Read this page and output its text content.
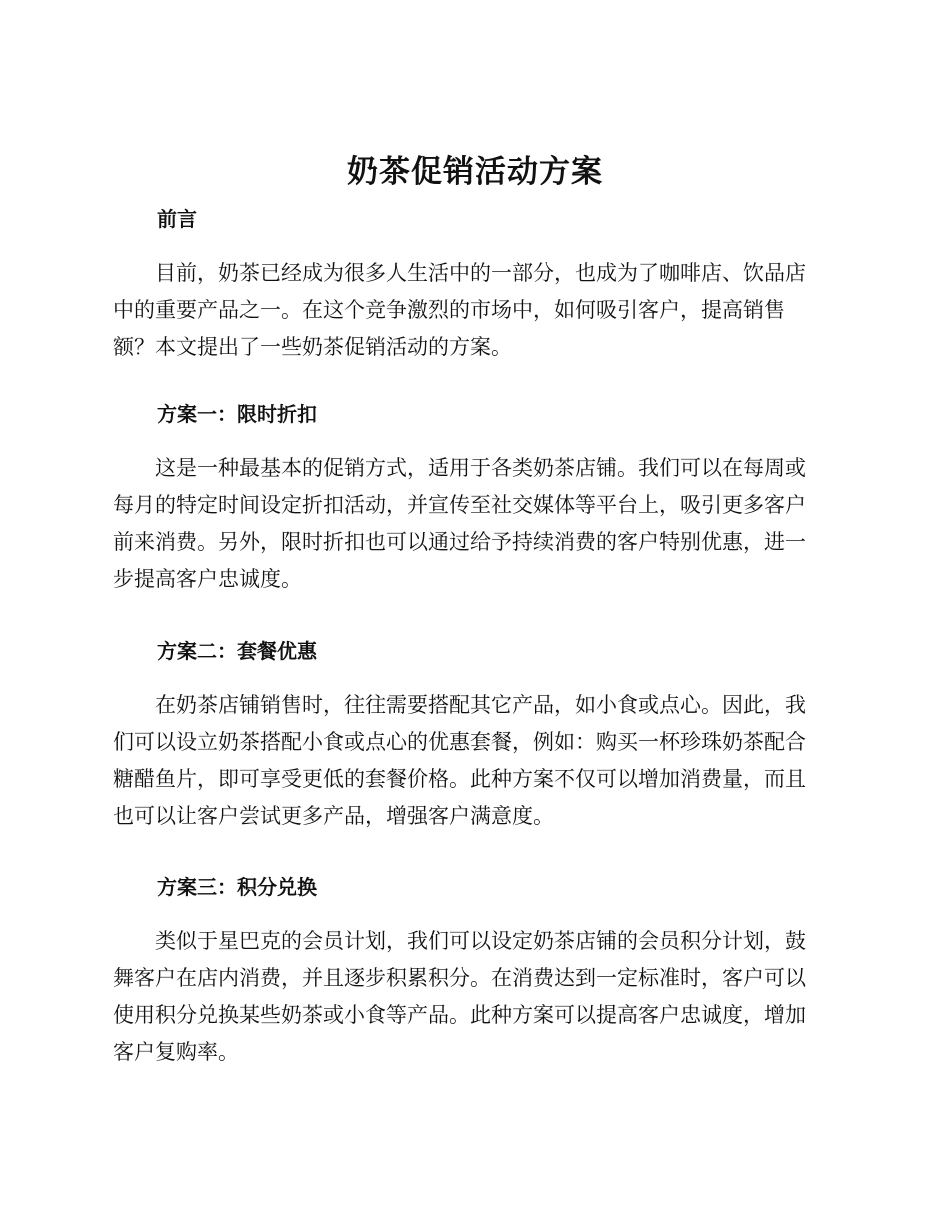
奶茶促销活动方案
前言
目前，奶茶已经成为很多人生活中的一部分，也成为了咖啡店、饮品店
中的重要产品之一。在这个竞争激烈的市场中，如何吸引客户，提高销售
额？本文提出了一些奶茶促销活动的方案。
方案一：限时折扣
这是一种最基本的促销方式，适用于各类奶茶店铺。我们可以在每周或
每月的特定时间设定折扣活动，并宣传至社交媒体等平台上，吸引更多客户
前来消费。另外，限时折扣也可以通过给予持续消费的客户特别优惠，进一
步提高客户忠诚度。
方案二：套餐优惠
在奶茶店铺销售时，往往需要搭配其它产品，如小食或点心。因此，我
们可以设立奶茶搭配小食或点心的优惠套餐，例如：购买一杯珍珠奶茶配合
糖醋鱼片，即可享受更低的套餐价格。此种方案不仅可以增加消费量，而且
也可以让客户尝试更多产品，增强客户满意度。
方案三：积分兑换
类似于星巴克的会员计划，我们可以设定奶茶店铺的会员积分计划，鼓
舞客户在店内消费，并且逐步积累积分。在消费达到一定标准时，客户可以
使用积分兑换某些奶茶或小食等产品。此种方案可以提高客户忠诚度，增加
客户复购率。
